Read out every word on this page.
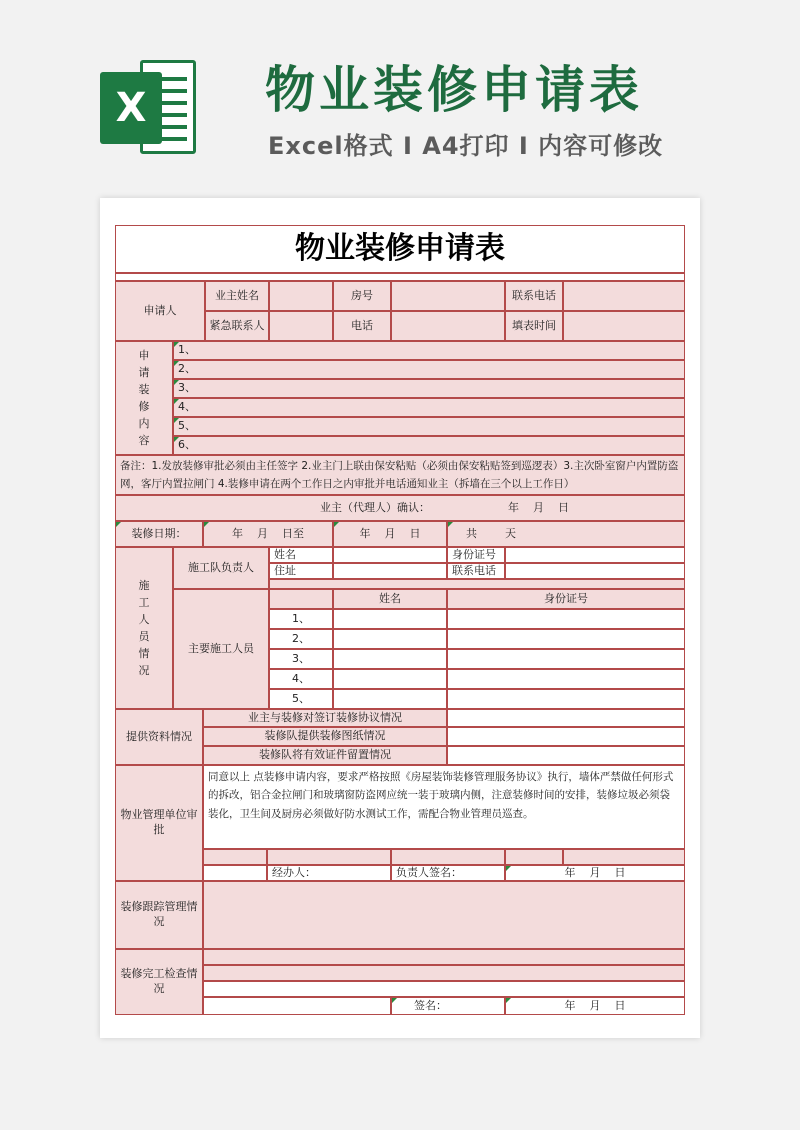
X	物业装修申请表
Excel格式 I A4打印 I 内容可修改
物业装修申请表
申请人
业主姓名	房号	联系电话
紧急联系人	电话	填表时间
申
请
装
修
内
容
1、
2、
3、
4、
5、
6、
备注：1.发放装修审批必须由主任签字 2.业主门上联由保安粘贴（必须由保安粘贴签到巡逻表）3.主次卧室窗户内置防盗网，客厅内置拉闸门 4.装修申请在两个工作日之内审批并电话通知业主（拆墙在三个以上工作日）
业主（代理人）确认：	年    月    日
装修日期：	年    月    日至	年    月    日	共        天
施
工
人
员
情
况
施工队负责人
姓名	身份证号
住址	联系电话
主要施工人员
姓名	身份证号
1、
2、
3、
4、
5、
提供资料情况
业主与装修对签订装修协议情况
装修队提供装修图纸情况
装修队将有效证件留置情况
物业管理单位审批
同意以上 点装修申请内容，要求严格按照《房屋装饰装修管理服务协议》执行，墙体严禁做任何形式的拆改，铝合金拉闸门和玻璃窗防盗网应统一装于玻璃内侧，注意装修时间的安排，装修垃圾必须袋装化，卫生间及厨房必须做好防水测试工作，需配合物业管理员巡查。
经办人：	负责人签名：	年    月    日
装修跟踪管理情况
装修完工检查情况
签名：	年    月    日
